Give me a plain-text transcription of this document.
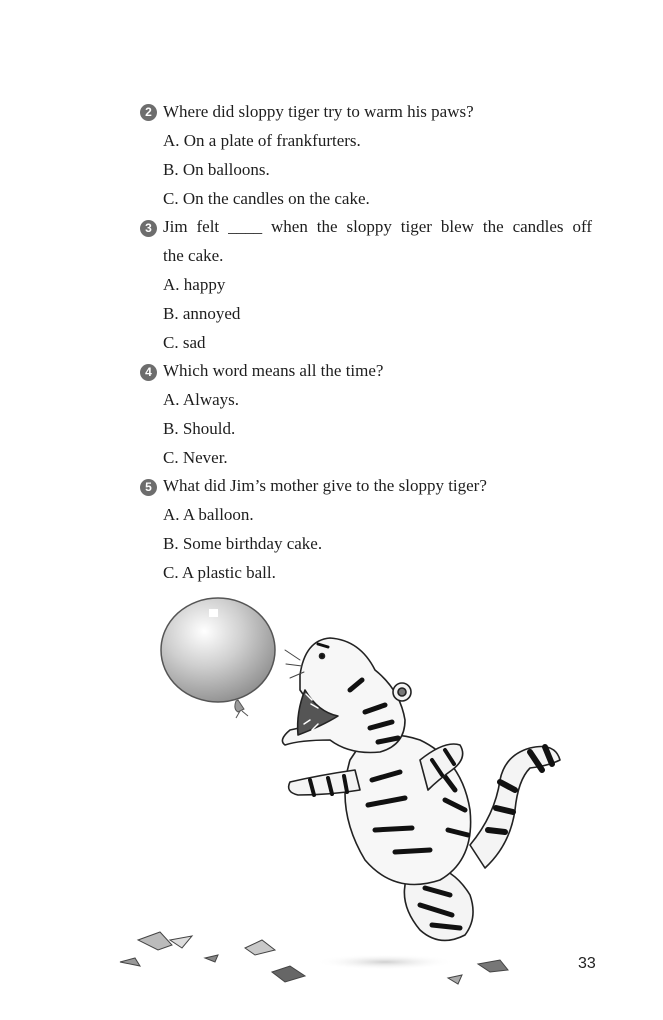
2 Where did sloppy tiger try to warm his paws?
A. On a plate of frankfurters.
B. On balloons.
C. On the candles on the cake.
3 Jim felt ____ when the sloppy tiger blew the candles off
the cake.
A. happy
B. annoyed
C. sad
4 Which word means all the time?
A. Always.
B. Should.
C. Never.
5 What did Jim’s mother give to the sloppy tiger?
A. A balloon.
B. Some birthday cake.
C. A plastic ball.
33
